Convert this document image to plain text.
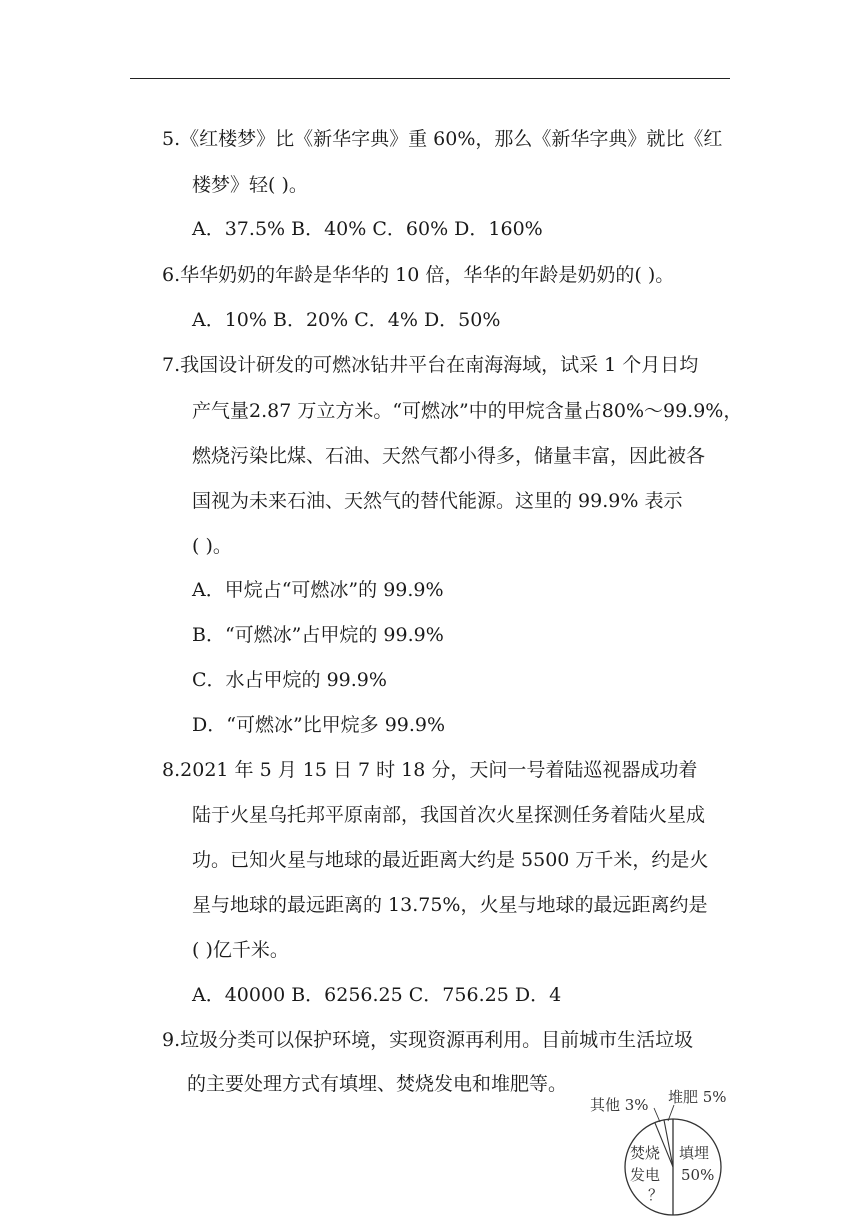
5.《红楼梦》比《新华字典》重 60%，那么《新华字典》就比《红
楼梦》轻( )。
A．37.5% B．40% C．60% D．160%
6.华华奶奶的年龄是华华的 10 倍，华华的年龄是奶奶的( )。
A．10% B．20% C．4% D．50%
7.我国设计研发的可燃冰钻井平台在南海海域，试采 1 个月日均
产气量2.87 万立方米。“可燃冰”中的甲烷含量占80%～99.9%，
燃烧污染比煤、石油、天然气都小得多，储量丰富，因此被各
国视为未来石油、天然气的替代能源。这里的 99.9% 表示
( )。
A．甲烷占“可燃冰”的 99.9%
B．“可燃冰”占甲烷的 99.9%
C．水占甲烷的 99.9%
D．“可燃冰”比甲烷多 99.9%
8.2021 年 5 月 15 日 7 时 18 分，天问一号着陆巡视器成功着
陆于火星乌托邦平原南部，我国首次火星探测任务着陆火星成
功。已知火星与地球的最近距离大约是 5500 万千米，约是火
星与地球的最远距离的 13.75%，火星与地球的最远距离约是
( )亿千米。
A．40000 B．6256.25 C．756.25 D．4
9.垃圾分类可以保护环境，实现资源再利用。目前城市生活垃圾
的主要处理方式有填埋、焚烧发电和堆肥等。
其他 3% 堆肥 5%
填埋
50%
焚烧
发电
？
